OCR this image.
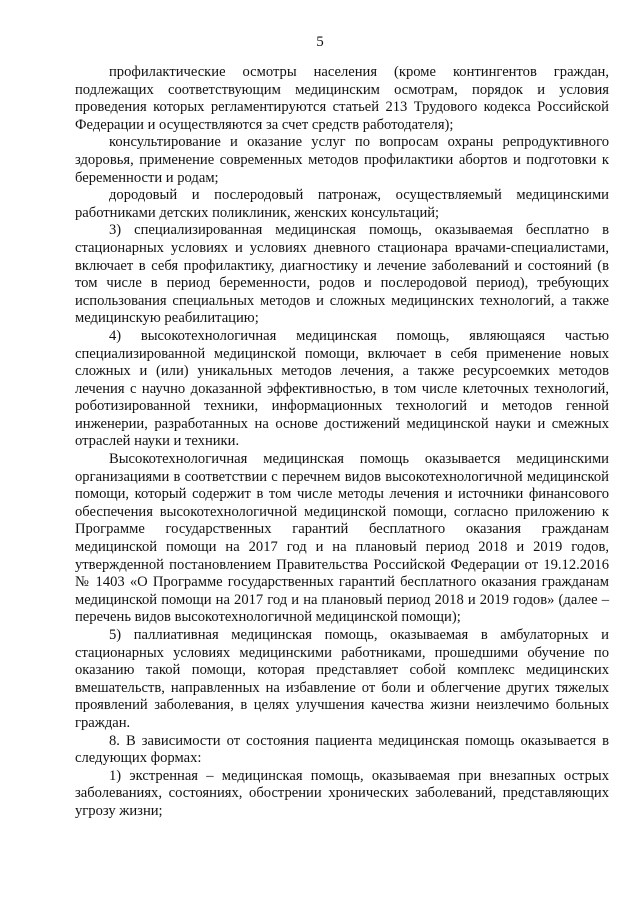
5

профилактические осмотры населения (кроме контингентов граждан, подлежащих соответствующим медицинским осмотрам, порядок и условия проведения которых регламентируются статьей 213 Трудового кодекса Российской Федерации и осуществляются за счет средств работодателя);

консультирование и оказание услуг по вопросам охраны репродуктивного здоровья, применение современных методов профилактики абортов и подготовки к беременности и родам;

дородовый и послеродовый патронаж, осуществляемый медицинскими работниками детских поликлиник, женских консультаций;

3) специализированная медицинская помощь, оказываемая бесплатно в стационарных условиях и условиях дневного стационара врачами-специалистами, включает в себя профилактику, диагностику и лечение заболеваний и состояний (в том числе в период беременности, родов и послеродовой период), требующих использования специальных методов и сложных медицинских технологий, а также медицинскую реабилитацию;

4) высокотехнологичная медицинская помощь, являющаяся частью специализированной медицинской помощи, включает в себя применение новых сложных и (или) уникальных методов лечения, а также ресурсоемких методов лечения с научно доказанной эффективностью, в том числе клеточных технологий, роботизированной техники, информационных технологий и методов генной инженерии, разработанных на основе достижений медицинской науки и смежных отраслей науки и техники.

Высокотехнологичная медицинская помощь оказывается медицинскими организациями в соответствии с перечнем видов высокотехнологичной медицинской помощи, который содержит в том числе методы лечения и источники финансового обеспечения высокотехнологичной медицинской помощи, согласно приложению к Программе государственных гарантий бесплатного оказания гражданам медицинской помощи на 2017 год и на плановый период 2018 и 2019 годов, утвержденной постановлением Правительства Российской Федерации от 19.12.2016 № 1403 «О Программе государственных гарантий бесплатного оказания гражданам медицинской помощи на 2017 год и на плановый период 2018 и 2019 годов» (далее – перечень видов высокотехнологичной медицинской помощи);

5) паллиативная медицинская помощь, оказываемая в амбулаторных и стационарных условиях медицинскими работниками, прошедшими обучение по оказанию такой помощи, которая представляет собой комплекс медицинских вмешательств, направленных на избавление от боли и облегчение других тяжелых проявлений заболевания, в целях улучшения качества жизни неизлечимо больных граждан.

8. В зависимости от состояния пациента медицинская помощь оказывается в следующих формах:

1) экстренная – медицинская помощь, оказываемая при внезапных острых заболеваниях, состояниях, обострении хронических заболеваний, представляющих угрозу жизни;
